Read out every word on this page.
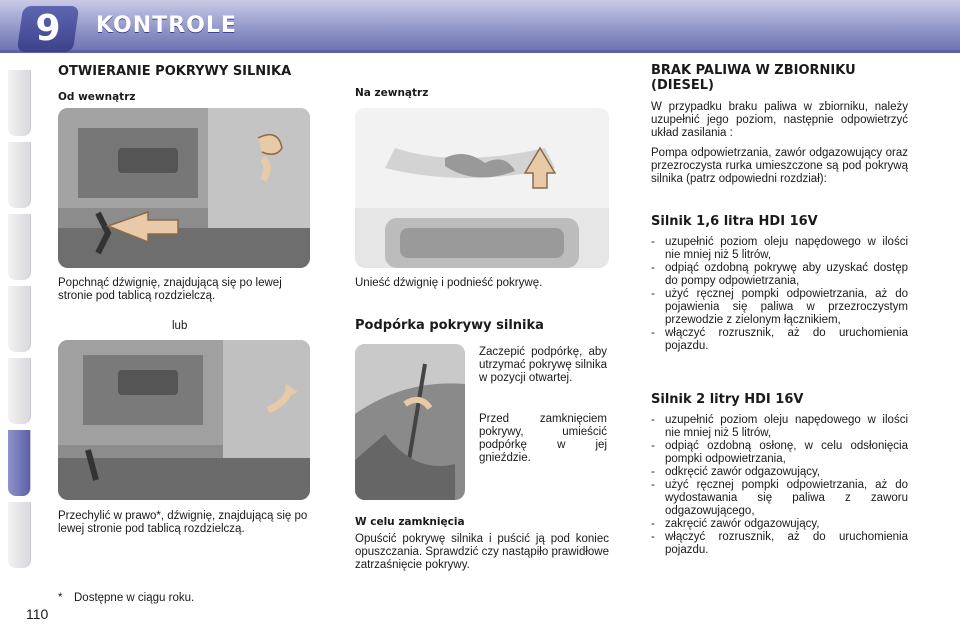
9	KONTROLE
OTWIERANIE POKRYWY SILNIKA
Od wewnątrz

Popchnąć dźwignię, znajdującą się po lewej stronie pod tablicą rozdzielczą.

lub

Przechylić w prawo*, dźwignię, znajdującą się po lewej stronie pod tablicą rozdzielczą.

*	Dostępne w ciągu roku.

110
Na zewnątrz

Unieść dźwignię i podnieść pokrywę.

Podpórka pokrywy silnika

Zaczepić podpórkę, aby utrzymać pokrywę silnika w pozycji otwartej.

Przed zamknięciem pokrywy, umieścić podpórkę w jej gnieździe.

W celu zamknięcia

Opuścić pokrywę silnika i puścić ją pod koniec opuszczania. Sprawdzić czy nastąpiło prawidłowe zatrzaśnięcie pokrywy.

BRAK PALIWA W ZBIORNIKU (DIESEL)

W przypadku braku paliwa w zbiorniku, należy uzupełnić jego poziom, następnie odpowietrzyć układ zasilania :

Pompa odpowietrzania, zawór odgazowujący oraz przezroczysta rurka umieszczone są pod pokrywą silnika (patrz odpowiedni rozdział):

Silnik 1,6 litra HDI 16V
- uzupełnić poziom oleju napędowego w ilości nie mniej niż 5 litrów,
- odpiąć ozdobną pokrywę aby uzyskać dostęp do pompy odpowietrzania,
- użyć ręcznej pompki odpowietrzania, aż do pojawienia się paliwa w przezroczystym przewodzie z zielonym łącznikiem,
- włączyć rozrusznik, aż do uruchomienia pojazdu.
Silnik 2 litry HDI 16V
- uzupełnić poziom oleju napędowego w ilości nie mniej niż 5 litrów,
- odpiąć ozdobną osłonę, w celu odsłonięcia pompki odpowietrzania,
- odkręcić zawór odgazowujący,
- użyć ręcznej pompki odpowietrzania, aż do wydostawania się paliwa z zaworu odgazowującego,
- zakręcić zawór odgazowujący,
- włączyć rozrusznik, aż do uruchomienia pojazdu.
